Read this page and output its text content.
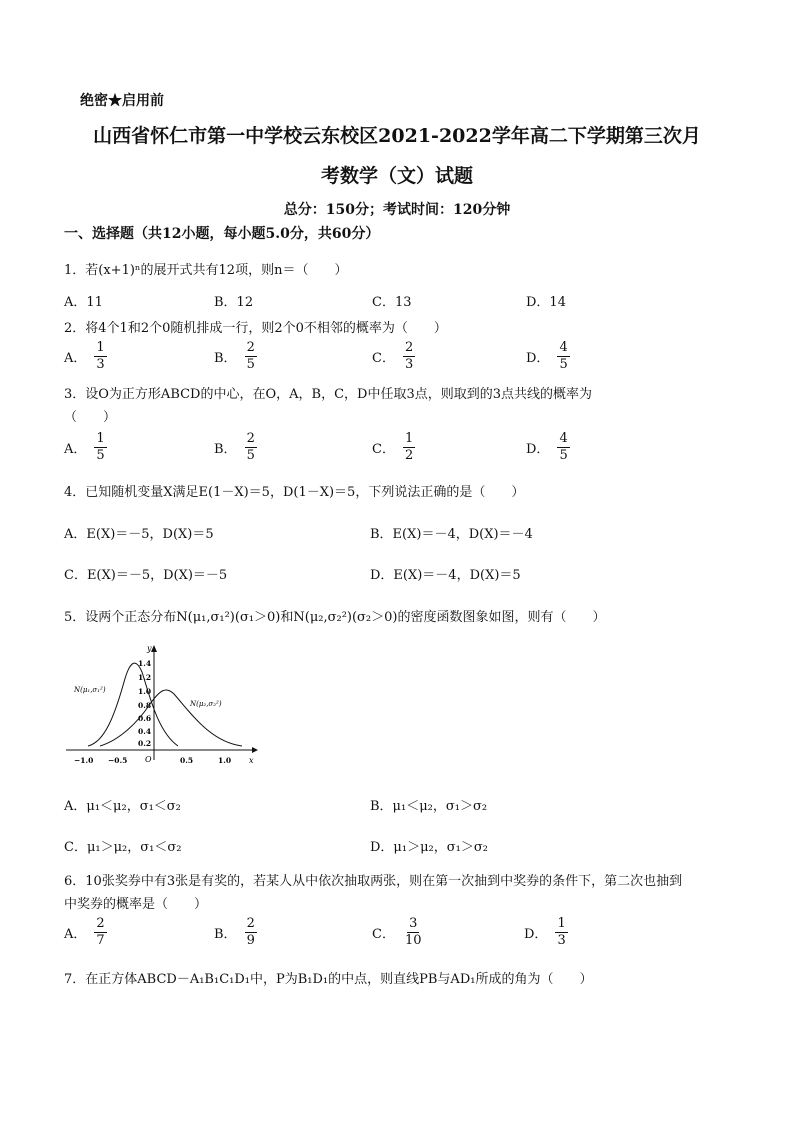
绝密★启用前
山西省怀仁市第一中学校云东校区2021-2022学年高二下学期第三次月
考数学（文）试题
总分：150分；考试时间：120分钟
一、选择题（共12小题，每小题5.0分，共60分）
1．若(x+1)ⁿ的展开式共有12项，则n＝（　　）
A．11	B．12	C．13	D．14
2．将4个1和2个0随机排成一行，则2个0不相邻的概率为（　　）
A． $\frac{1}{3}$	B． $\frac{2}{5}$	C． $\frac{2}{3}$	D． $\frac{4}{5}$
3．设O为正方形ABCD的中心，在O，A，B，C，D中任取3点，则取到的3点共线的概率为
（　　）
A． $\frac{1}{5}$	B． $\frac{2}{5}$	C． $\frac{1}{2}$	D． $\frac{4}{5}$
4．已知随机变量X满足E(1－X)＝5，D(1－X)＝5，下列说法正确的是（　　）
A．E(X)＝－5，D(X)＝5	B．E(X)＝－4，D(X)＝－4
C．E(X)＝－5，D(X)＝－5	D．E(X)＝－4，D(X)＝5
5．设两个正态分布N(μ₁,σ₁²)(σ₁＞0)和N(μ₂,σ₂²)(σ₂＞0)的密度函数图象如图，则有（　　）
y
x
O
1.4
1.2
1.0
0.8
0.6
0.4
0.2
−1.0 −0.5	0.5	1.0
N(μ₁,σ₁²)
N(μ₂,σ₂²)
A．μ₁＜μ₂，σ₁＜σ₂	B．μ₁＜μ₂，σ₁＞σ₂
C．μ₁＞μ₂，σ₁＜σ₂	D．μ₁＞μ₂，σ₁＞σ₂
6．10张奖券中有3张是有奖的，若某人从中依次抽取两张，则在第一次抽到中奖券的条件下，第二次也抽到
中奖券的概率是（　　）
A． $\frac{2}{7}$	B． $\frac{2}{9}$	C． $\frac{3}{10}$	D． $\frac{1}{3}$
7．在正方体ABCD－A₁B₁C₁D₁中，P为B₁D₁的中点，则直线PB与AD₁所成的角为（　　）
